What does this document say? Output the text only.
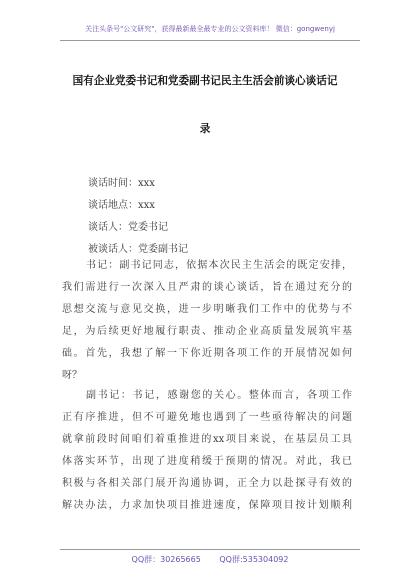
关注头条号"公文研究"，获得最新最全最专业的公文资料库！ 微信：gongwenyj
国有企业党委书记和党委副书记民主生活会前谈心谈话记
录
谈话时间：xxx
谈话地点：xxx
谈话人：党委书记
被谈话人：党委副书记
书记：副书记同志，依据本次民主生活会的既定安排，
我们需进行一次深入且严肃的谈心谈话，旨在通过充分的
思想交流与意见交换，进一步明晰我们工作中的优势与不
足，为后续更好地履行职责、推动企业高质量发展筑牢基
础。首先，我想了解一下你近期各项工作的开展情况如何
呀？
副书记：书记，感谢您的关心。整体而言，各项工作
正有序推进，但不可避免地也遇到了一些亟待解决的问题
就拿前段时间咱们着重推进的xx项目来说，在基层员工具
体落实环节，出现了进度稍缓于预期的情况。对此，我已
积极与各相关部门展开沟通协调，正全力以赴探寻有效的
解决办法，力求加快项目推进速度，保障项目按计划顺利
QQ群：30265665 QQ群:535304092
